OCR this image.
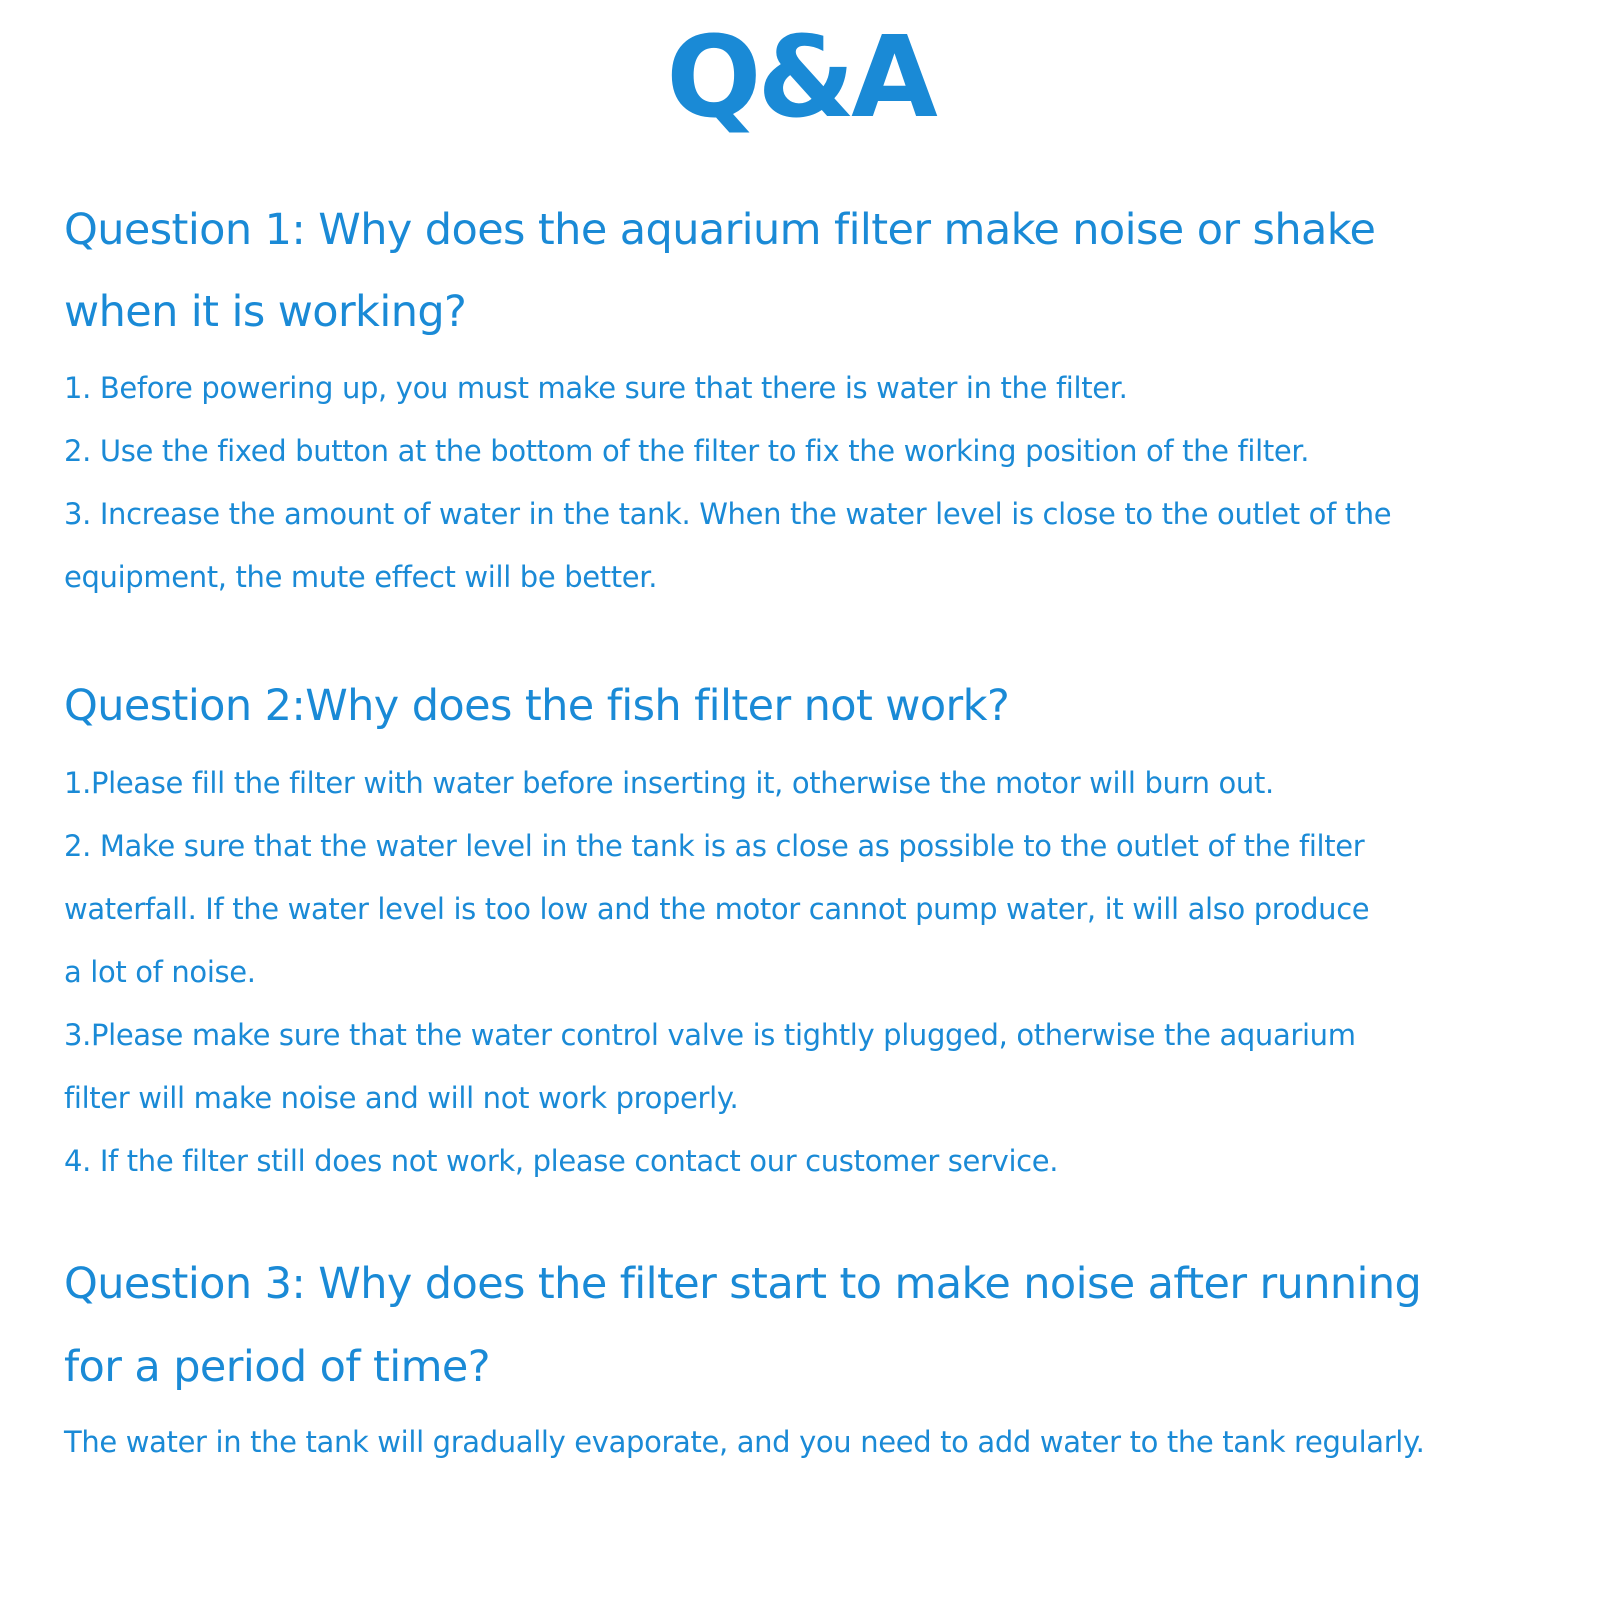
Q&A
Question 1: Why does the aquarium filter make noise or shake
when it is working?
1. Before powering up, you must make sure that there is water in the filter.
2. Use the fixed button at the bottom of the filter to fix the working position of the filter.
3. Increase the amount of water in the tank. When the water level is close to the outlet of the
equipment, the mute effect will be better.
Question 2:Why does the fish filter not work?
1.Please fill the filter with water before inserting it, otherwise the motor will burn out.
2. Make sure that the water level in the tank is as close as possible to the outlet of the filter
waterfall. If the water level is too low and the motor cannot pump water, it will also produce
a lot of noise.
3.Please make sure that the water control valve is tightly plugged, otherwise the aquarium
filter will make noise and will not work properly.
4. If the filter still does not work, please contact our customer service.
Question 3: Why does the filter start to make noise after running
for a period of time?
The water in the tank will gradually evaporate, and you need to add water to the tank regularly.
